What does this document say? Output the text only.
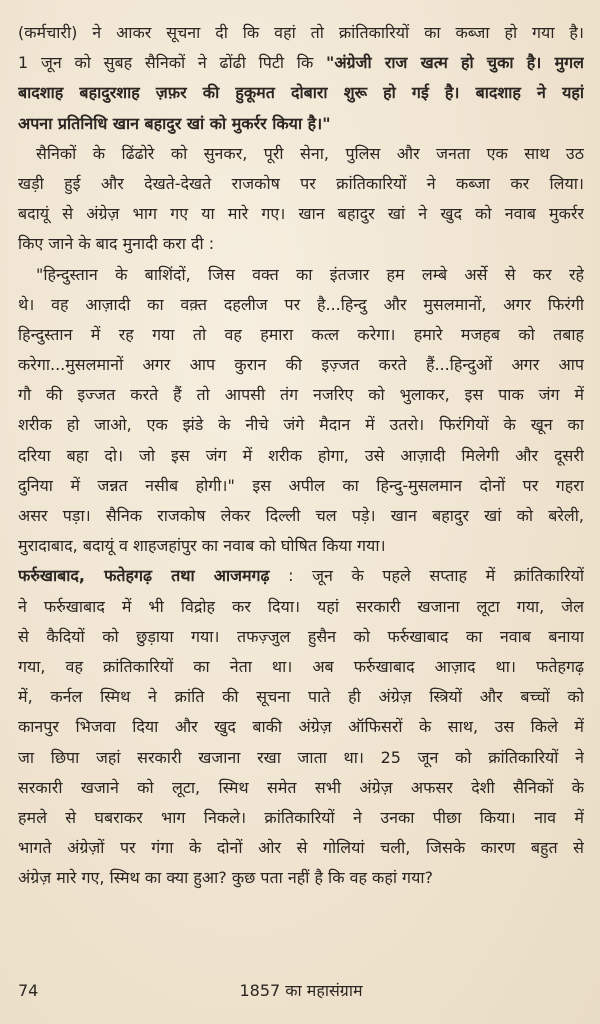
(कर्मचारी) ने आकर सूचना दी कि वहां तो क्रांतिकारियों का कब्जा हो गया है।
1 जून को सुबह सैनिकों ने ढोंढी पिटी कि "अंग्रेजी राज खत्म हो चुका है। मुगल
बादशाह बहादुरशाह ज़फ़र की हुकूमत दोबारा शुरू हो गई है। बादशाह ने यहां
अपना प्रतिनिधि खान बहादुर खां को मुकर्रर किया है।"
सैनिकों के ढिंढोरे को सुनकर, पूरी सेना, पुलिस और जनता एक साथ उठ
खड़ी हुई और देखते-देखते राजकोष पर क्रांतिकारियों ने कब्जा कर लिया।
बदायूं से अंग्रेज़ भाग गए या मारे गए। खान बहादुर खां ने खुद को नवाब मुकर्रर
किए जाने के बाद मुनादी करा दी :
"हिन्दुस्तान के बाशिंदों, जिस वक्त का इंतजार हम लम्बे अर्से से कर रहे
थे। वह आज़ादी का वक़्त दहलीज पर है...हिन्दु और मुसलमानों, अगर फिरंगी
हिन्दुस्तान में रह गया तो वह हमारा कत्ल करेगा। हमारे मजहब को तबाह
करेगा...मुसलमानों अगर आप कुरान की इज़्जत करते हैं...हिन्दुओं अगर आप
गौ की इज्जत करते हैं तो आपसी तंग नजरिए को भुलाकर, इस पाक जंग में
शरीक हो जाओ, एक झंडे के नीचे जंगे मैदान में उतरो। फिरंगियों के खून का
दरिया बहा दो। जो इस जंग में शरीक होगा, उसे आज़ादी मिलेगी और दूसरी
दुनिया में जन्नत नसीब होगी।" इस अपील का हिन्दु-मुसलमान दोनों पर गहरा
असर पड़ा। सैनिक राजकोष लेकर दिल्ली चल पड़े। खान बहादुर खां को बरेली,
मुरादाबाद, बदायूं व शाहजहांपुर का नवाब को घोषित किया गया।
फर्रुखाबाद, फतेहगढ़ तथा आजमगढ़ : जून के पहले सप्ताह में क्रांतिकारियों
ने फर्रुखाबाद में भी विद्रोह कर दिया। यहां सरकारी खजाना लूटा गया, जेल
से कैदियों को छुड़ाया गया। तफज़्जुल हुसैन को फर्रुखाबाद का नवाब बनाया
गया, वह क्रांतिकारियों का नेता था। अब फर्रुखाबाद आज़ाद था। फतेहगढ़
में, कर्नल स्मिथ ने क्रांति की सूचना पाते ही अंग्रेज़ स्त्रियों और बच्चों को
कानपुर भिजवा दिया और खुद बाकी अंग्रेज़ ऑफिसरों के साथ, उस किले में
जा छिपा जहां सरकारी खजाना रखा जाता था। 25 जून को क्रांतिकारियों ने
सरकारी खजाने को लूटा, स्मिथ समेत सभी अंग्रेज़ अफसर देशी सैनिकों के
हमले से घबराकर भाग निकले। क्रांतिकारियों ने उनका पीछा किया। नाव में
भागते अंग्रेज़ों पर गंगा के दोनों ओर से गोलियां चली, जिसके कारण बहुत से
अंग्रेज़ मारे गए, स्मिथ का क्या हुआ? कुछ पता नहीं है कि वह कहां गया?
74	1857 का महासंग्राम
